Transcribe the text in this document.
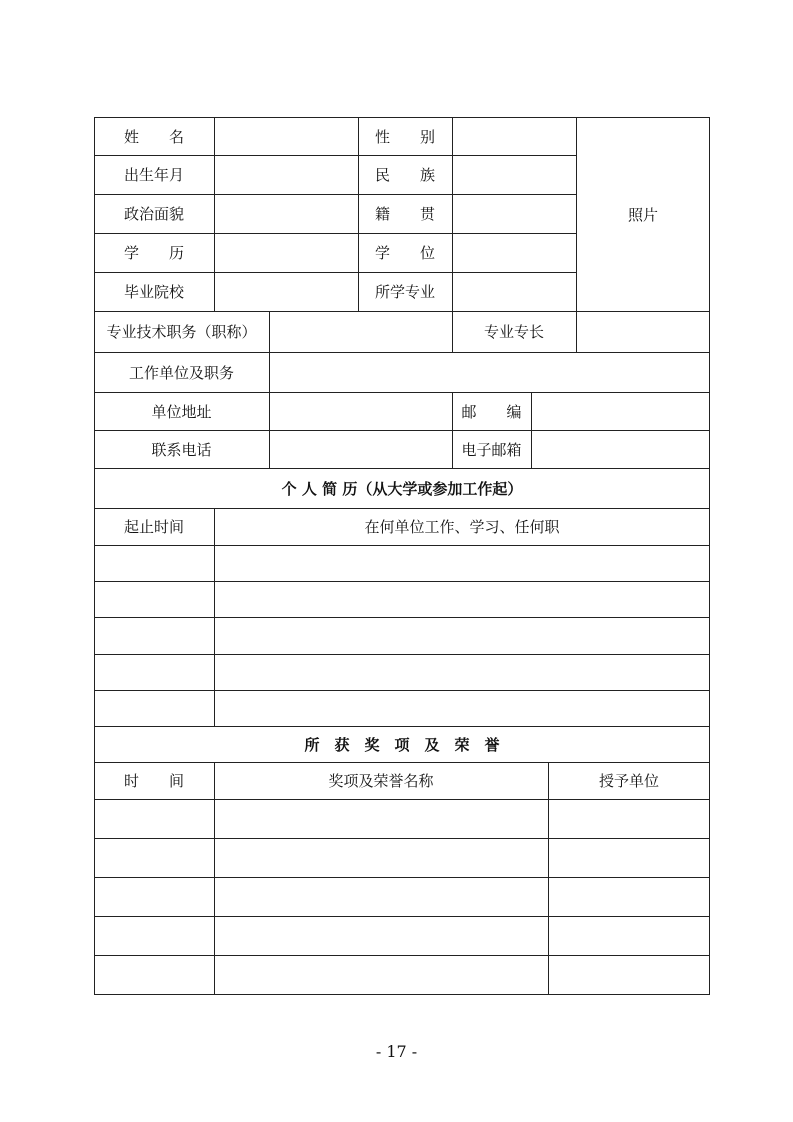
姓　　名	性　　别
照片
出生年月	民　　族
政治面貌	籍　　贯
学　　历	学　　位
毕业院校	所学专业
专业技术职务（职称）	专业专长
工作单位及职务
单位地址	邮　　编
联系电话	电子邮箱
个 人 简 历（从大学或参加工作起）
起止时间	在何单位工作、学习、任何职
所　获　奖　项　及　荣　誉
时　　间	奖项及荣誉名称	授予单位
- 17 -
